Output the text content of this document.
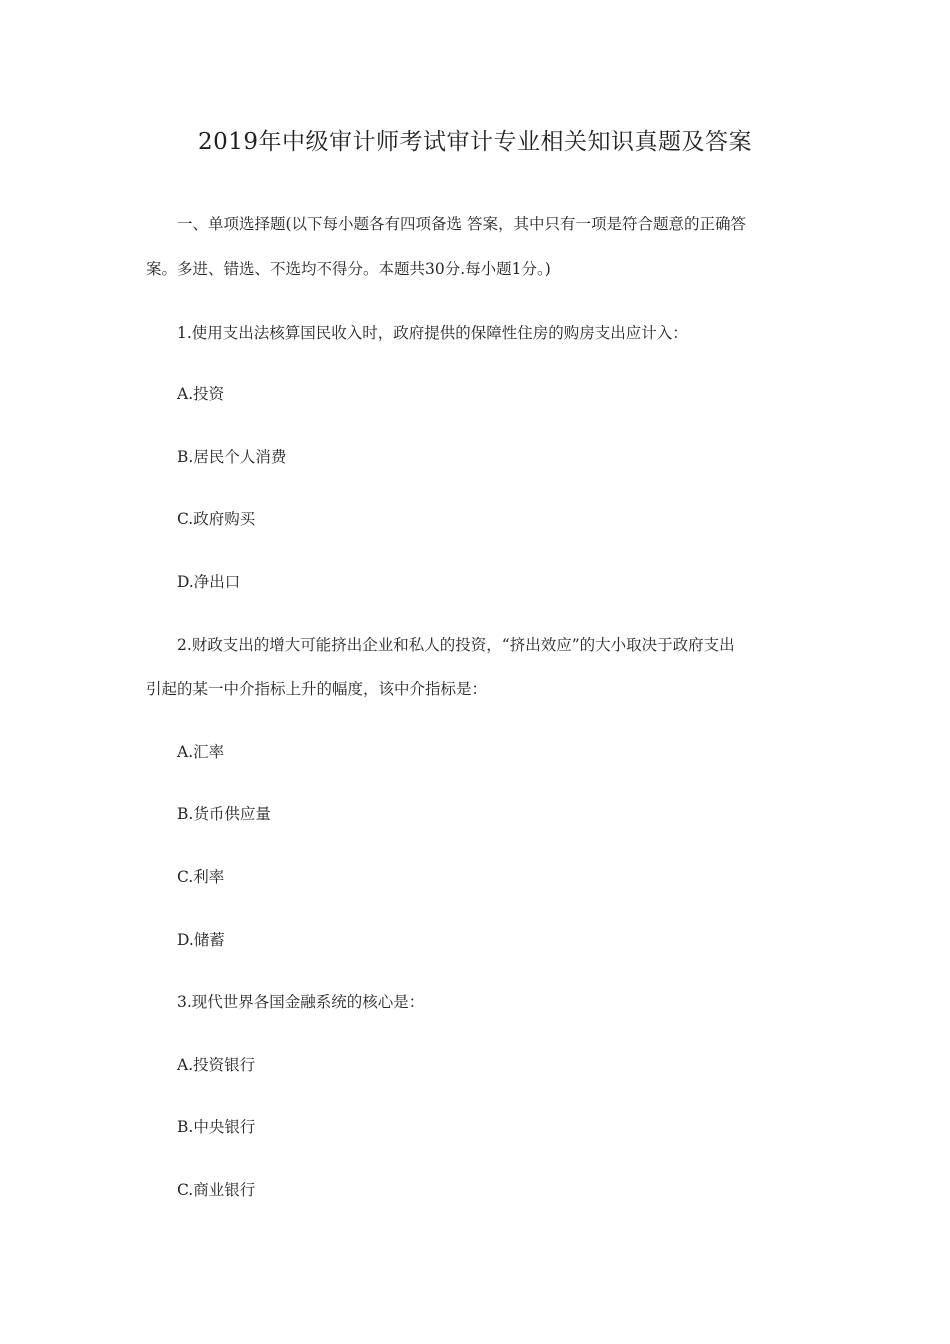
2019年中级审计师考试审计专业相关知识真题及答案
一、单项选择题(以下每小题各有四项备选 答案，其中只有一项是符合题意的正确答
案。多进、错选、不选均不得分。本题共30分.每小题1分。)
1.使用支出法核算国民收入时，政府提供的保障性住房的购房支出应计入：
A.投资
B.居民个人消费
C.政府购买
D.净出口
2.财政支出的增大可能挤出企业和私人的投资，“挤出效应”的大小取决于政府支出
引起的某一中介指标上升的幅度，该中介指标是：
A.汇率
B.货币供应量
C.利率
D.储蓄
3.现代世界各国金融系统的核心是：
A.投资银行
B.中央银行
C.商业银行
